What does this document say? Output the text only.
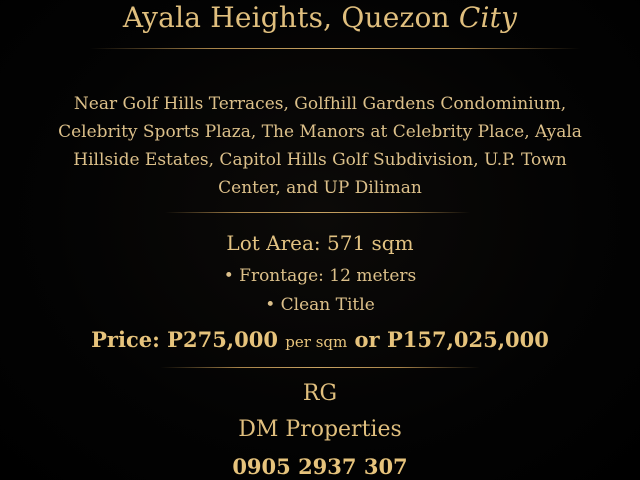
Ayala Heights, Quezon City
Near Golf Hills Terraces, Golfhill Gardens Condominium,
Celebrity Sports Plaza, The Manors at Celebrity Place, Ayala
Hillside Estates, Capitol Hills Golf Subdivision, U.P. Town
Center, and UP Diliman
Lot Area: 571 sqm
• Frontage: 12 meters
• Clean Title
Price: P275,000 per sqm or P157,025,000
RG
DM Properties
0905 2937 307
